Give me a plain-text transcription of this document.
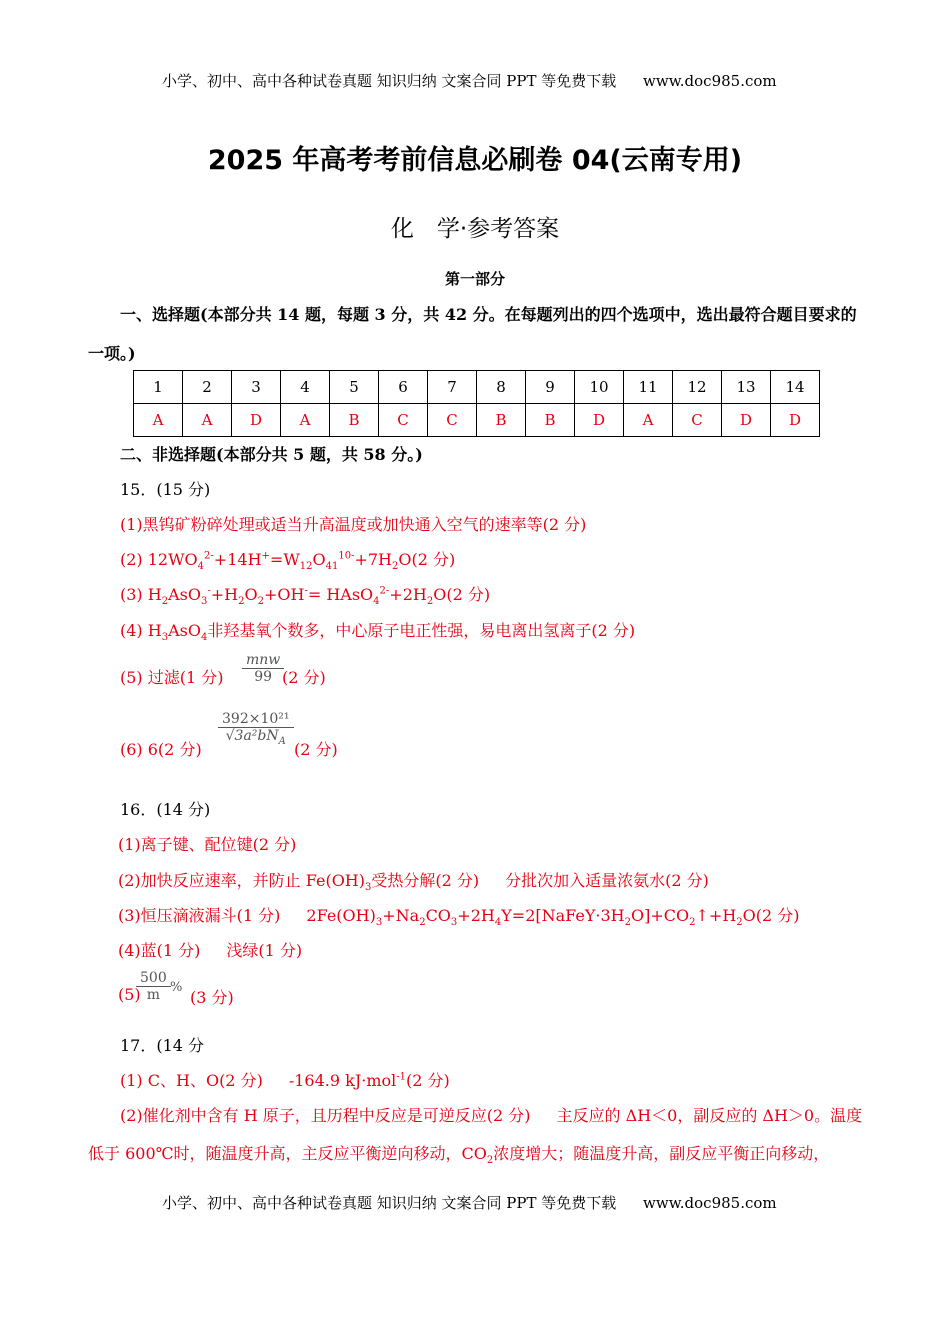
小学、初中、高中各种试卷真题 知识归纳 文案合同 PPT 等免费下载 www.doc985.com
2025 年高考考前信息必刷卷 04(云南专用)
化　学·参考答案
第一部分
一、选择题(本部分共 14 题，每题 3 分，共 42 分。在每题列出的四个选项中，选出最符合题目要求的
一项。)
1	2	3	4	5	6	7	8	9	10	11	12	13	14
A	A	D	A	B	C	C	B	B	D	A	C	D	D
二、非选择题(本部分共 5 题，共 58 分。)
15．(15 分)
(1)黑钨矿粉碎处理或适当升高温度或加快通入空气的速率等(2 分)
(2) $12WO_4^{2-}+14H^+=W_{12}O_{41}^{10-}+7H_2O(2$ 分)
(3) $H_2AsO_3^-+H_2O_2+OH^-=$ $HAsO_4^{2-}+2H_2O(2$ 分)
(4) $H_3AsO_4$非羟基氧个数多，中心原子电正性强，易电离出氢离子(2 分)
(5) 过滤(1 分)
mnw
99 (2 分)
(6) 6(2 分)
392×10²¹
$√3a^2bN_A$ (2 分)
16．(14 分)
(1)离子键、配位键(2 分)
(2)加快反应速率，并防止 $Fe(OH)_3$受热分解(2 分) 分批次加入适量浓氨水(2 分)
(3)恒压滴液漏斗(1 分) $2Fe(OH)_3+Na_2CO_3+2H_4Y=2[NaFeY\cdot 3H_2O]+CO_2↑+H_2O(2$ 分)
(4)蓝(1 分) 浅绿(1 分)
(5)
$\frac{500}{m}$ %
(3 分)
17．(14 分
(1) C、H、O(2 分) -164.9 kJ·mol$^{-1}$(2 分)
(2)催化剂中含有 H 原子，且历程中反应是可逆反应(2 分) 主反应的 ΔH＜0，副反应的 ΔH＞0。温度
低于 600℃时，随温度升高，主反应平衡逆向移动，$CO_2$浓度增大；随温度升高，副反应平衡正向移动，
小学、初中、高中各种试卷真题 知识归纳 文案合同 PPT 等免费下载 www.doc985.com
